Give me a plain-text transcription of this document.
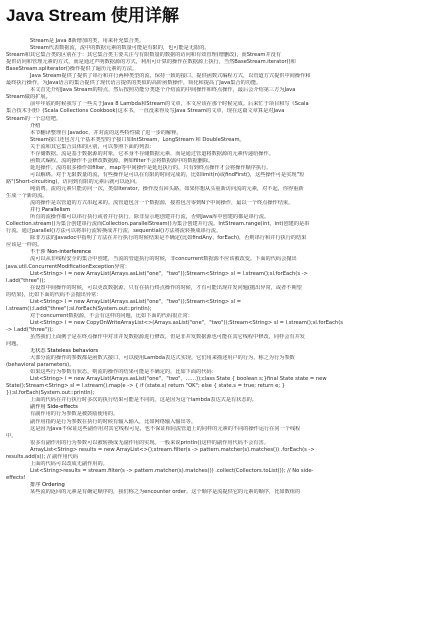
Java Stream 使用详解
Stream是 Java 8新增加的类，用来补充集合类。
Stream代表数据流，流中的数据元素的数量可能是有限的，也可能是无限的。
Stream和其它集合类的区别在于：其它集合类主要关注与有限数量的数据的访问和有效管理(增删改)，而Stream并没有
提供访问和管理元素的方式，而是通过声明数据源的方式，利用可计算的操作在数据源上执行，当然BaseStream.iterator()和
BaseStream.spliterator()操作提供了遍历元素的方法。
Java Stream提供了提供了串行和并行两种类型的流，保持一致的接口，提供函数式编程方式，以管道方式提供中间操作和
最终执行操作，为Java语言的集合提供了现代语言提供的类似的高阶函数操作，简化和提高了Java集合的功能。
本文首先介绍Java Stream的特点，然后按照功能分类逐个介绍流的中间操作和终点操作，最后会介绍第三方为Java
Stream做的扩展。
前年年底的时候我写了一些关于Java 8 Lambda和Stream的文章，本文应该在那个时候完成。后来忙于项目和写《Scala
集合技术手册》(Scala Collections Cookbook)这本书，一直没来得及写Java Stream的文章，现在这篇文章算是对Java
Stream的一个总结吧。
介绍
本节翻译整理自 Javadoc，并对流的这些特性做了进一步的解释。
Stream接口还包含几个基本类型的子接口如IntStream，LongStream 和 DoubleStream。
关于流和其它集合具体的区别，可以参照下面的列表：
不存储数据。流是基于数据源的对象，它本身不存储数据元素，而是通过管道将数据源的元素传递给操作。
函数式编程。流的操作不会修改数据源，例如filter不会将数据源中的数据删除。
延迟操作。流的很多操作如filter，map等中间操作是延迟执行的，只有到终点操作才会将操作顺序执行。
可以解绑。对于无限数量的流，有些操作是可以在有限的时间完成的，比如limit(n)或findFirst()，这些操作可是实现"短
路"(Short-circuiting)，访问到有限的元素后就可以返回。
纯消费。流的元素只能访问一次，类似Iterator，操作没有回头路，如果你想从头重新访问流的元素，对不起，你得重新
生成一个新的流。
流的操作是以管道的方式串起来的。流管道包含一个数据源，接着包含零到N个中间操作，最以一个终点操作结束。
并行 Parallelism
所有的流操作都可以串行执行或者并行执行。除非显示地创建并行流，否则Java库中创建的都是串行流。
Collection.stream()为集合创建串行流而Collection.parallelStream()为集合创建并行流。IntStream.range(int，int)创建的是串
行流。通过parallel()方法可以将串行流转换成并行流，sequential()方法将流转换成串行流。
除非方法的Javadoc中指明了方法在并行执行的时候结果是不确定(比如findAny、forEach)，否则串行和并行执行的结果
应该是一样的。
不干涉 Non-interference
流可以从非线程安全的集合中创建，当流的管道执行的时候，非concurrent数据源不应该被改变。下面的代码会抛出
java.util.ConcurrentModificationException异常：
List<String> l = new ArrayList(Arrays.asList("one"，"two"));Stream<String> sl = l.stream();sl.forEach(s ->
l.add("three"));
在设置中间操作的时候，可以更改数据源，只有在执行终点操作的时候，才有可能出现并发问题(抛出异常，或者不期望
的结果)，比如下面的代码不会抛出异常：
List<String> l = new ArrayList(Arrays.asList("one"，"two"));Stream<String> sl =
l.stream();l.add("three");sl.forEach(System.out::println);
对于concurrent数据源，不会有这样的问题，比如下面的代码很正常：
List<String> l = new CopyOnWriteArrayList<>(Arrays.asList("one"，"two"));Stream<String> sl = l.stream();sl.forEach(s
-> l.add("three"));
虽然我们上面例子是在终点操作中对非并发数据源进行修改，但是非并发数据源也可能在其它线程中修改，同样会有并发
问题。
无状态 Stateless behaviors
大部分流的操作的参数都是函数式接口，可以使用Lambda表达式实现。它们用来描述用户的行为，称之为行为参数
(behavioral parameters)。
如果这些行为参数有状态，则流的操作的结果可能是不确定的，比如下面的代码：
List<String> l = new ArrayList(Arrays.asList("one"，"two"，……));class State { boolean s;}final State state = new
State();Stream<String> sl = l.stream().map(e -> { if (state.s) return "OK"; else { state.s = true; return e; }
});sl.forEach(System.out::println);
上面的代码在并行执行时多次的执行结果可能是不同的。这是因为这个lambda表达式是有状态的。
副作用 Side-effects
有副作用的行为参数是被鼓励使用的。
副作用指的是行为参数在执行的时候有输入输入，比如网络输入输出等。
这是因为Java不保证这些副作用对其它线程可见，也不保证相同流管道上的同样的元素的不同的操作运行在同一个线程
中。
很多有副作用的行为参数可以被转换成无副作用的实现。一般来说println()这样的副作用代码不会有害。
ArrayList<String> results = new ArrayList<>();stream.filter(s -> pattern.matcher(s).matches()) .forEach(s ->
results.add(s)); // 副作用代码
上面的代码可以改成无副作用的。
List<String>results = stream.filter(s -> pattern.matcher(s).matches()) .collect(Collectors.toList()); // No side-
effects!
排序 Ordering
某些流的返回的元素是有确定顺序的，我们称之为encounter order。这个顺序是流提供它的元素的顺序，比如数组的
